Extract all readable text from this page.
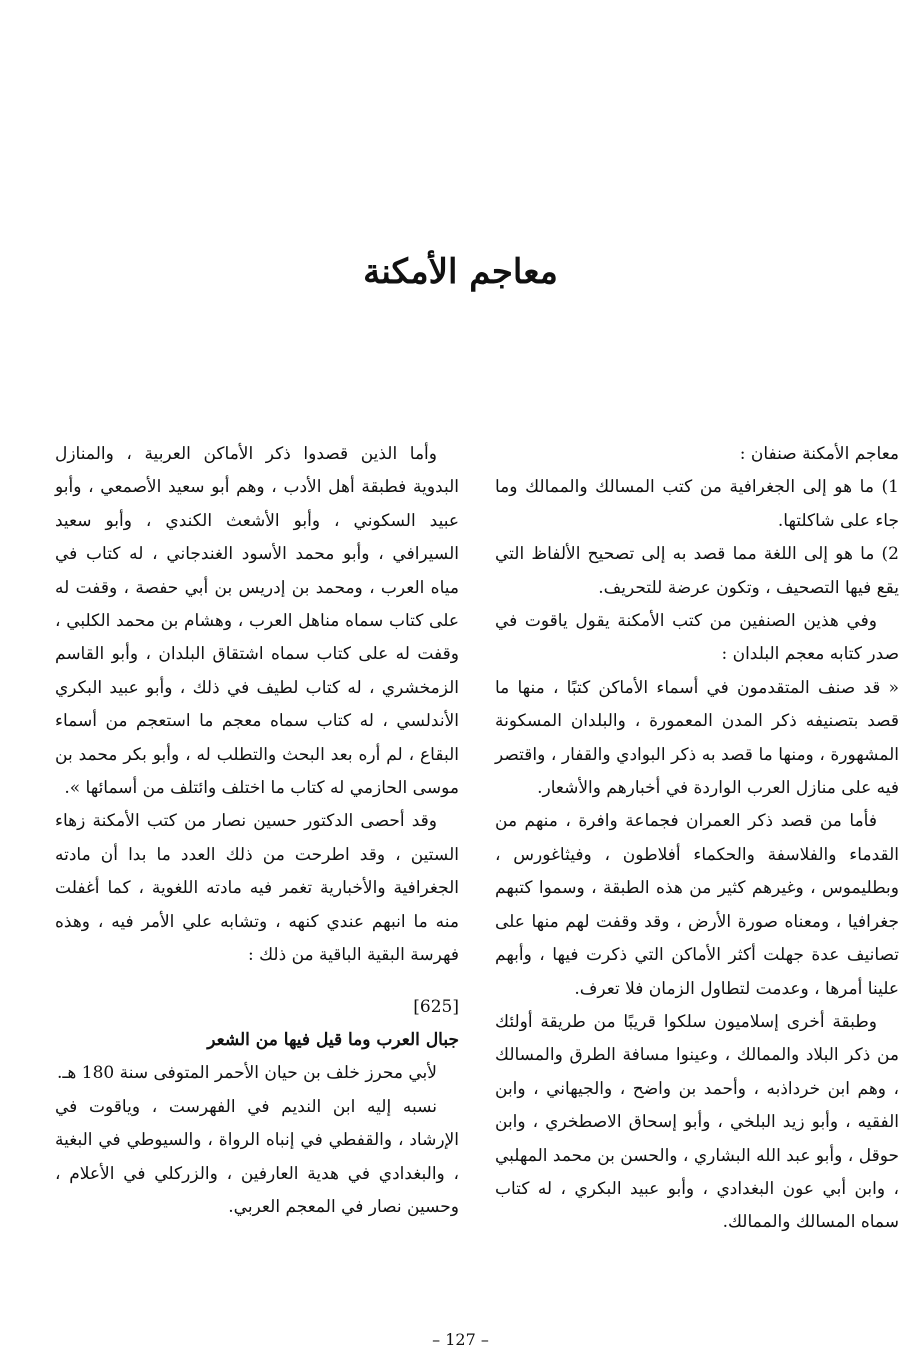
معاجم الأمكنة

معاجم الأمكنة صنفان :

1) ما هو إلى الجغرافية من كتب المسالك والممالك وما جاء على شاكلتها.

2) ما هو إلى اللغة مما قصد به إلى تصحيح الألفاظ التي يقع فيها التصحيف ، وتكون عرضة للتحريف.

وفي هذين الصنفين من كتب الأمكنة يقول ياقوت في صدر كتابه معجم البلدان :

« قد صنف المتقدمون في أسماء الأماكن كتبًا ، منها ما قصد بتصنيفه ذكر المدن المعمورة ، والبلدان المسكونة المشهورة ، ومنها ما قصد به ذكر البوادي والقفار ، واقتصر فيه على منازل العرب الواردة في أخبارهم والأشعار.

فأما من قصد ذكر العمران فجماعة وافرة ، منهم من القدماء والفلاسفة والحكماء أفلاطون ، وفيثاغورس ، وبطليموس ، وغيرهم كثير من هذه الطبقة ، وسموا كتبهم جغرافيا ، ومعناه صورة الأرض ، وقد وقفت لهم منها على تصانيف عدة جهلت أكثر الأماكن التي ذكرت فيها ، وأبهم علينا أمرها ، وعدمت لتطاول الزمان فلا تعرف.

وطبقة أخرى إسلاميون سلكوا قريبًا من طريقة أولئك من ذكر البلاد والممالك ، وعينوا مسافة الطرق والمسالك ، وهم ابن خرداذبه ، وأحمد بن واضح ، والجيهاني ، وابن الفقيه ، وأبو زيد البلخي ، وأبو إسحاق الاصطخري ، وابن حوقل ، وأبو عبد الله البشاري ، والحسن بن محمد المهلبي ، وابن أبي عون البغدادي ، وأبو عبيد البكري ، له كتاب سماه المسالك والممالك.

وأما الذين قصدوا ذكر الأماكن العربية ، والمنازل البدوية فطبقة أهل الأدب ، وهم أبو سعيد الأصمعي ، وأبو عبيد السكوني ، وأبو الأشعث الكندي ، وأبو سعيد السيرافي ، وأبو محمد الأسود الغندجاني ، له كتاب في مياه العرب ، ومحمد بن إدريس بن أبي حفصة ، وقفت له على كتاب سماه مناهل العرب ، وهشام بن محمد الكلبي ، وقفت له على كتاب سماه اشتقاق البلدان ، وأبو القاسم الزمخشري ، له كتاب لطيف في ذلك ، وأبو عبيد البكري الأندلسي ، له كتاب سماه معجم ما استعجم من أسماء البقاع ، لم أره بعد البحث والتطلب له ، وأبو بكر محمد بن موسى الحازمي له كتاب ما اختلف وائتلف من أسمائها ».

وقد أحصى الدكتور حسين نصار من كتب الأمكنة زهاء الستين ، وقد اطرحت من ذلك العدد ما بدا أن مادته الجغرافية والأخبارية تغمر فيه مادته اللغوية ، كما أغفلت منه ما انبهم عندي كنهه ، وتشابه علي الأمر فيه ، وهذه فهرسة البقية الباقية من ذلك :

[625]
جبال العرب وما قيل فيها من الشعر

لأبي محرز خلف بن حيان الأحمر المتوفى سنة 180 هـ.

نسبه إليه ابن النديم في الفهرست ، وياقوت في الإرشاد ، والقفطي في إنباه الرواة ، والسيوطي في البغية ، والبغدادي في هدية العارفين ، والزركلي في الأعلام ، وحسين نصار في المعجم العربي.

– 127 –
